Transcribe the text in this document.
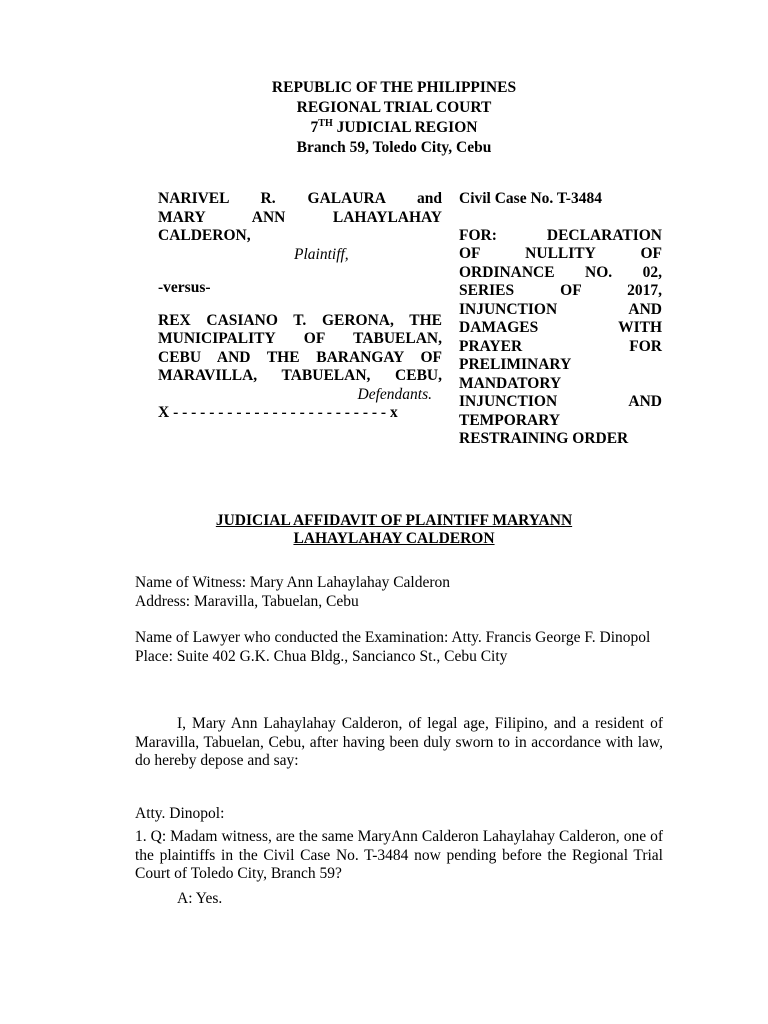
REPUBLIC OF THE PHILIPPINES
REGIONAL TRIAL COURT
7TH JUDICIAL REGION
Branch 59, Toledo City, Cebu
NARIVEL R. GALAURA and
MARY ANN LAHAYLAHAY
CALDERON,
Plaintiff,
-versus-
REX CASIANO T. GERONA, THE
MUNICIPALITY OF TABUELAN,
CEBU AND THE BARANGAY OF
MARAVILLA, TABUELAN, CEBU,
Defendants.
X - - - - - - - - - - - - - - - - - - - - - - - - x
Civil Case No. T-3484
FOR: DECLARATION
OF NULLITY OF
ORDINANCE NO. 02,
SERIES OF 2017,
INJUNCTION AND
DAMAGES WITH
PRAYER FOR
PRELIMINARY
MANDATORY
INJUNCTION AND
TEMPORARY
RESTRAINING ORDER
JUDICIAL AFFIDAVIT OF PLAINTIFF MARYANN
LAHAYLAHAY CALDERON
Name of Witness: Mary Ann Lahaylahay Calderon
Address: Maravilla, Tabuelan, Cebu
Name of Lawyer who conducted the Examination: Atty. Francis George F. Dinopol
Place: Suite 402 G.K. Chua Bldg., Sancianco St., Cebu City
I, Mary Ann Lahaylahay Calderon, of legal age, Filipino, and a resident of Maravilla, Tabuelan, Cebu, after having been duly sworn to in accordance with law, do hereby depose and say:
Atty. Dinopol:
1. Q: Madam witness, are the same MaryAnn Calderon Lahaylahay Calderon, one of the plaintiffs in the Civil Case No. T-3484 now pending before the Regional Trial Court of Toledo City, Branch 59?
A: Yes.
